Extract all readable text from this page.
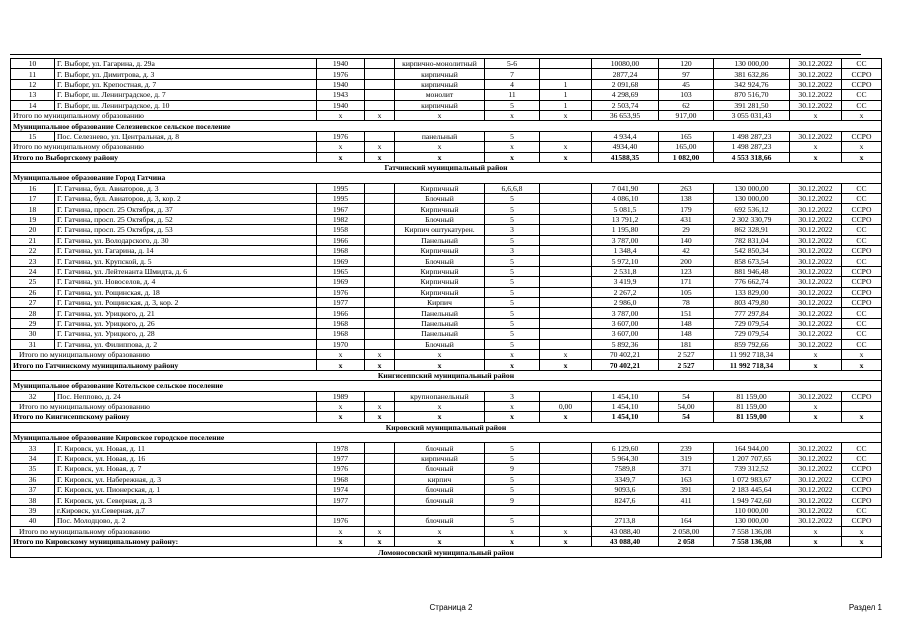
10	Г. Выборг, ул. Гагарина, д. 29а	1940		кирпично-монолитный	5-6		10080,00	120	130 000,00	30.12.2022	СС
11	Г. Выборг, ул. Димитрова, д. 3	1976		кирпичный	7		2877,24	97	381 632,86	30.12.2022	ССРО
12	Г. Выборг, ул. Крепостная, д. 7	1940		кирпичный	4	1	2 091,68	45	342 924,76	30.12.2022	ССРО
13	Г. Выборг, ш. Ленинградское, д. 7	1943		монолит	11	1	4 298,69	103	870 516,70	30.12.2022	СС
14	Г. Выборг, ш. Ленинградское, д. 10	1940		кирпичный	5	1	2 503,74	62	391 281,50	30.12.2022	СС
Итого по муниципальному образованию		х	х	х	х	х	36 653,95	917,00	3 055 031,43	х	х
Муниципальное образование Селезневское сельское поселение											
15	Пос. Селезнево, ул. Центральная, д. 8	1976		панельный	5		4 934,4	165	1 498 287,23	30.12.2022	ССРО
Итого по муниципальному образованию		х	х	х	х	х	4934,40	165,00	1 498 287,23	х	х
Итого по Выборгскому району		х	х	х	х	х	41588,35	1 082,00	4 553 318,66	х	х
Гатчинский муниципальный район											
Муниципальное образование Город Гатчина											
16	Г. Гатчина, бул. Авиаторов, д. 3	1995		Кирпичный	6,6,6,8		7 041,90	263	130 000,00	30.12.2022	СС
17	Г. Гатчина, бул. Авиаторов, д. 3, кор. 2	1995		Блочный	5		4 086,10	138	130 000,00	30.12.2022	СС
18	Г. Гатчина, просп. 25 Октября, д. 37	1967		Кирпичный	5		5 081,5	179	692 536,12	30.12.2022	ССРО
19	Г. Гатчина, просп. 25 Октября, д. 52	1982		Блочный	5		13 791,2	431	2 302 330,79	30.12.2022	ССРО
20	Г. Гатчина, просп. 25 Октября, д. 53	1958		Кирпич оштукатурен.	3		1 195,80	29	862 328,91	30.12.2022	СС
21	Г. Гатчина, ул. Володарского, д. 30	1966		Панельный	5		3 787,00	140	782 831,04	30.12.2022	СС
22	Г. Гатчина, ул. Гагарина, д. 14	1968		Кирпичный	3		1 348,4	42	542 850,34	30.12.2022	ССРО
23	Г. Гатчина, ул. Крупской, д. 5	1969		Блочный	5		5 972,10	200	858 673,54	30.12.2022	СС
24	Г. Гатчина, ул. Лейтенанта Шмидта, д. 6	1965		Кирпичный	5		2 531,8	123	881 946,48	30.12.2022	ССРО
25	Г. Гатчина, ул. Новоселов, д. 4	1969		Кирпичный	5		3 419,9	171	776 662,74	30.12.2022	ССРО
26	Г. Гатчина, ул. Рощинская, д. 18	1976		Кирпичный	5		2 267,2	105	133 829,00	30.12.2022	ССРО
27	Г. Гатчина, ул. Рощинская, д. 3, кор. 2	1977		Кирпич	5		2 986,0	78	803 479,80	30.12.2022	ССРО
28	Г. Гатчина, ул. Урицкого, д. 21	1966		Панельный	5		3 787,00	151	777 297,84	30.12.2022	СС
29	Г. Гатчина, ул. Урицкого, д. 26	1968		Панельный	5		3 607,00	148	729 079,54	30.12.2022	СС
30	Г. Гатчина, ул. Урицкого, д. 28	1968		Панельный	5		3 607,00	148	729 079,54	30.12.2022	СС
31	Г. Гатчина, ул. Филиппова, д. 2	1970		Блочный	5		5 892,36	181	859 792,66	30.12.2022	СС
Итого по муниципальному образованию		х	х	х	х	х	70 402,21	2 527	11 992 718,34	х	х
Итого по Гатчинскому муниципальному району		х	х	х	х	х	70 402,21	2 527	11 992 718,34	х	х
Кингисеппский муниципальный район											
Муниципальное образование Котельское сельское поселение											
32	Пос. Неппово, д. 24	1989		крупнопанельный	3		1 454,10	54	81 159,00	30.12.2022	ССРО
Итого по муниципальному образованию		х	х	х	х	0,00	1 454,10	54,00	81 159,00	х	
Итого по Кингисеппскому району		х	х	х	х	х	1 454,10	54	81 159,00	х	х
Кировский муниципальный район											
Муниципальное образование Кировское городское поселение											
33	Г. Кировск, ул. Новая, д. 11	1978		блочный	5		6 129,60	239	164 944,00	30.12.2022	СС
34	Г. Кировск, ул. Новая, д. 16	1977		кирпичный	5		5 964,30	319	1 207 707,65	30.12.2022	СС
35	Г. Кировск, ул. Новая, д. 7	1976		блочный	9		7589,8	371	739 312,52	30.12.2022	ССРО
36	Г. Кировск, ул. Набережная, д. 3	1968		кирпич	5		3349,7	163	1 072 983,67	30.12.2022	ССРО
37	Г. Кировск, ул. Пионерская, д. 1	1974		блочный	5		9093,6	391	2 183 445,64	30.12.2022	ССРО
38	Г. Кировск, ул. Северная, д. 3	1977		блочный	9		8247,6	411	1 949 742,60	30.12.2022	ССРО
39	г.Кировск, ул.Северная, д.7								110 000,00	30.12.2022	СС
40	Пос. Молодцово, д. 2	1976		блочный	5		2713,8	164	130 000,00	30.12.2022	ССРО
Итого по муниципальному образованию		х	х	х	х	х	43 088,40	2 058,00	7 558 136,08	х	х
Итого по Кировскому муниципальному району:		х	х	х	х	х	43 088,40	2 058	7 558 136,08	х	х
Ломоносовский муниципальный район											
Страница 2	Раздел 1
